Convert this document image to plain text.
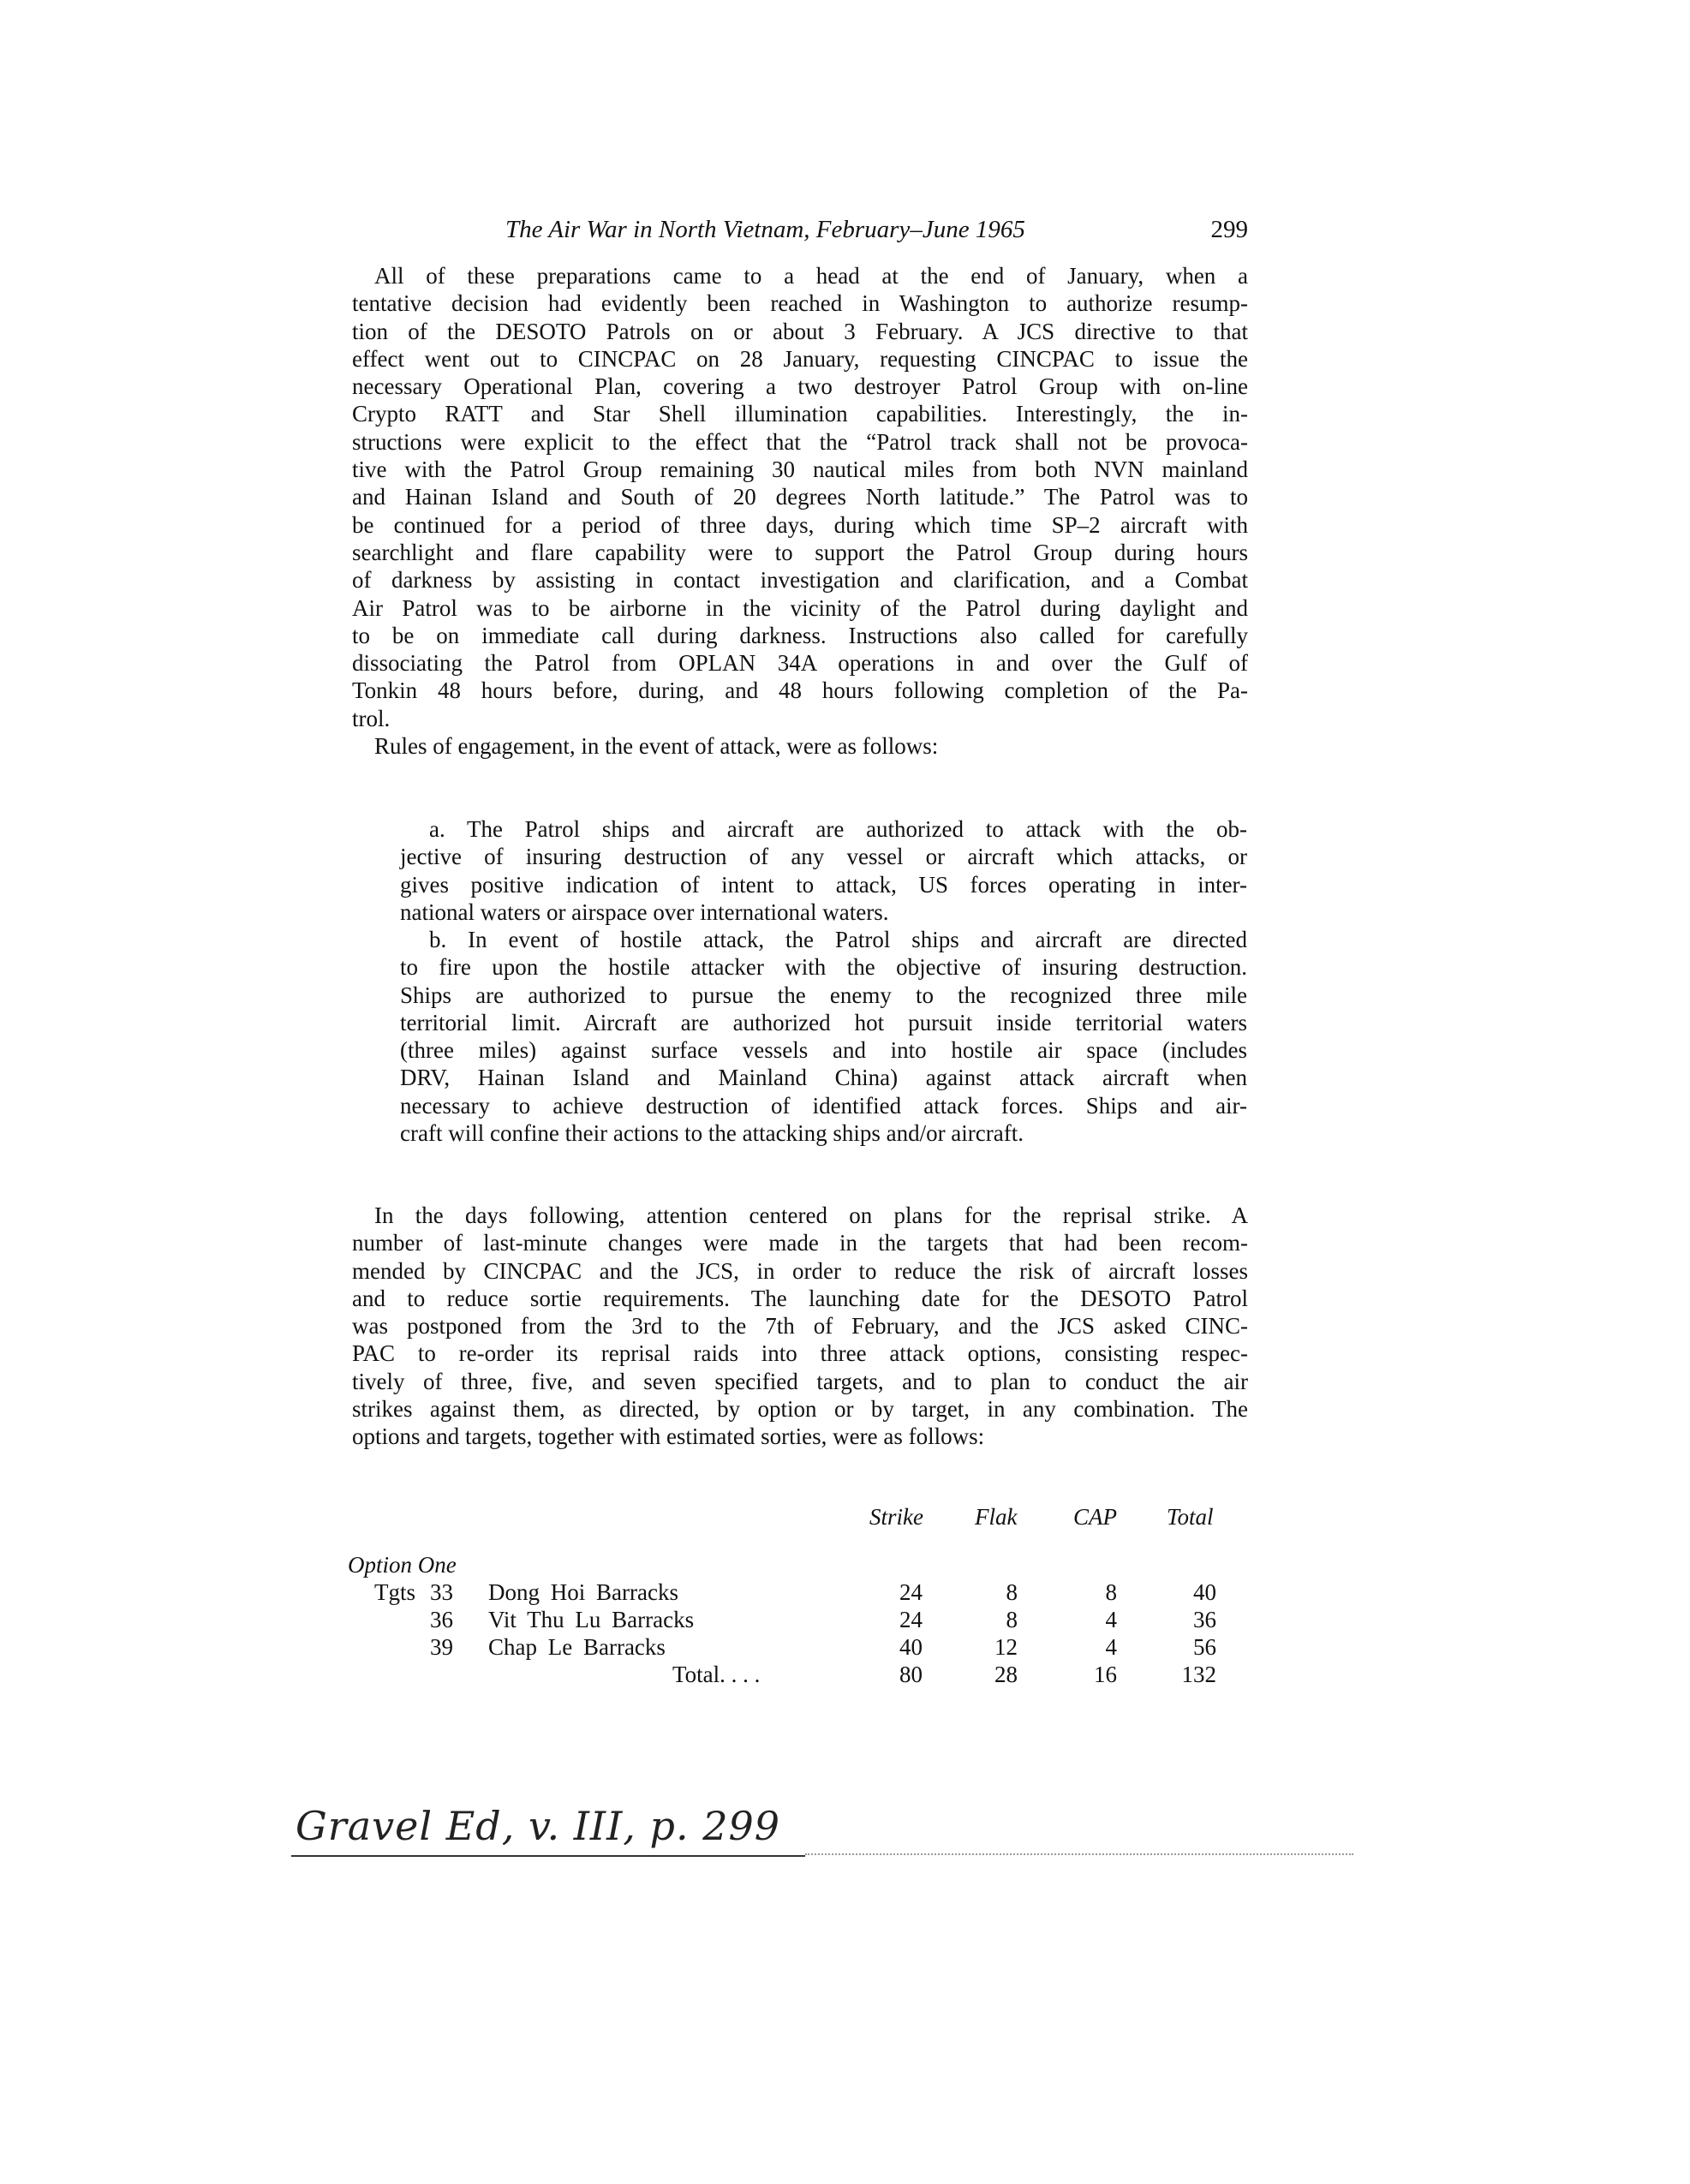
The Air War in North Vietnam, February–June 1965	299
All of these preparations came to a head at the end of January, when a
tentative decision had evidently been reached in Washington to authorize resump-
tion of the DESOTO Patrols on or about 3 February. A JCS directive to that
effect went out to CINCPAC on 28 January, requesting CINCPAC to issue the
necessary Operational Plan, covering a two destroyer Patrol Group with on-line
Crypto RATT and Star Shell illumination capabilities. Interestingly, the in-
structions were explicit to the effect that the “Patrol track shall not be provoca-
tive with the Patrol Group remaining 30 nautical miles from both NVN mainland
and Hainan Island and South of 20 degrees North latitude.” The Patrol was to
be continued for a period of three days, during which time SP–2 aircraft with
searchlight and flare capability were to support the Patrol Group during hours
of darkness by assisting in contact investigation and clarification, and a Combat
Air Patrol was to be airborne in the vicinity of the Patrol during daylight and
to be on immediate call during darkness. Instructions also called for carefully
dissociating the Patrol from OPLAN 34A operations in and over the Gulf of
Tonkin 48 hours before, during, and 48 hours following completion of the Pa-
trol.
Rules of engagement, in the event of attack, were as follows:
a. The Patrol ships and aircraft are authorized to attack with the ob-
jective of insuring destruction of any vessel or aircraft which attacks, or
gives positive indication of intent to attack, US forces operating in inter-
national waters or airspace over international waters.
b. In event of hostile attack, the Patrol ships and aircraft are directed
to fire upon the hostile attacker with the objective of insuring destruction.
Ships are authorized to pursue the enemy to the recognized three mile
territorial limit. Aircraft are authorized hot pursuit inside territorial waters
(three miles) against surface vessels and into hostile air space (includes
DRV, Hainan Island and Mainland China) against attack aircraft when
necessary to achieve destruction of identified attack forces. Ships and air-
craft will confine their actions to the attacking ships and/or aircraft.
In the days following, attention centered on plans for the reprisal strike. A
number of last-minute changes were made in the targets that had been recom-
mended by CINCPAC and the JCS, in order to reduce the risk of aircraft losses
and to reduce sortie requirements. The launching date for the DESOTO Patrol
was postponed from the 3rd to the 7th of February, and the JCS asked CINC-
PAC to re-order its reprisal raids into three attack options, consisting respec-
tively of three, five, and seven specified targets, and to plan to conduct the air
strikes against them, as directed, by option or by target, in any combination. The
options and targets, together with estimated sorties, were as follows:
Strike Flak CAP Total
Option One
Tgts 33 Dong Hoi Barracks	24	8	8	40
36 Vit Thu Lu Barracks	24	8	4	36
39 Chap Le Barracks	40	12	4	56
Total. . . .	80	28	16	132
Gravel Ed, v. III, p. 299
